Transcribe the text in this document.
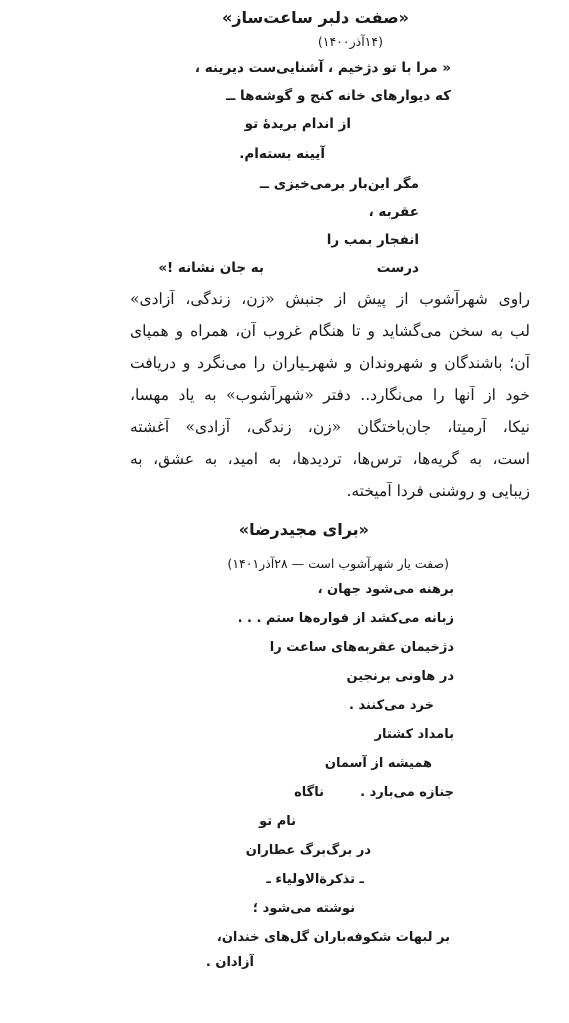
«صفت دلبر ساعت‌ساز»
(۱۴آذر۱۴۰۰)
« مرا با تو دژخیم ، آشنایی‌ست دیرینه ،
که دیوارهای خانه کنج و گوشه‌ها ــ
از اندام بریدهٔ تو
آیینه بسته‌ام.
مگر این‌بار برمی‌خیزی ــ
عقربه ،
انفجار بمب را
درست
به جان نشانه !»
راوی شهرآشوب از پیش از جنبش «زن، زندگی، آزادی»
لب به سخن می‌گشاید و تا هنگام غروب آن، همراه و همپای
آن؛ باشندگان و شهروندان و شهر‌ـیاران را می‌نگرد و دریافت
خود از آنها را می‌نگارد.. دفتر «شهرآشوب» به یاد مهسا،
نیکا، آرمیتا، جان‌باختگان «زن، زندگی، آزادی» آغشته
است، به گریه‌ها، ترس‌ها، تردیدها، به امید، به عشق، به
زیبایی و روشنی فردا آمیخته.
«برای مجیدرضا»
(صفت یار شهرآشوب است — ۲۸آذر۱۴۰۱)
برهنه می‌شود جهان ،
زبانه می‌کشد از فواره‌ها ستم . . .
دژخیمان عقربه‌های ساعت را
در هاونی برنجین
خرد می‌کنند .
بامداد کشتار
همیشه از آسمان
جنازه می‌بارد .
ناگاه
نام تو
در برگ‌برگ عطاران
ـ تذکرةالاولیاء ـ
نوشته می‌شود ؛
بر لبهات شکوفه‌باران گل‌های خندان،
آزادان .
